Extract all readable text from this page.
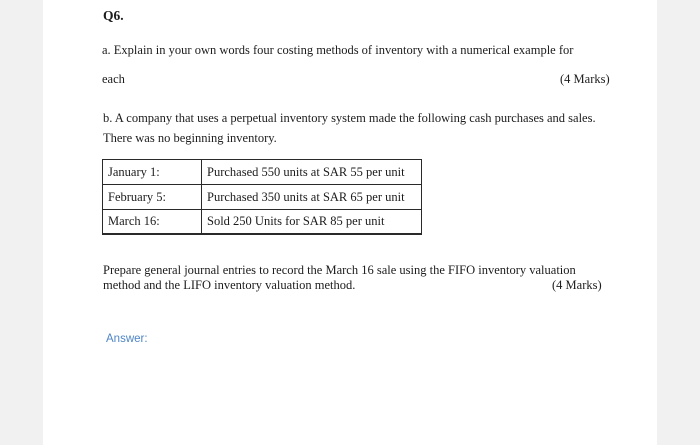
Q6.
a. Explain in your own words four costing methods of inventory with a numerical example for
each	(4 Marks)
b. A company that uses a perpetual inventory system made the following cash purchases and sales.
There was no beginning inventory.
January 1:	Purchased 550 units at SAR 55 per unit
February 5:	Purchased 350 units at SAR 65 per unit
March 16:	Sold 250 Units for SAR 85 per unit
Prepare general journal entries to record the March 16 sale using the FIFO inventory valuation
method and the LIFO inventory valuation method.	(4 Marks)
Answer:
